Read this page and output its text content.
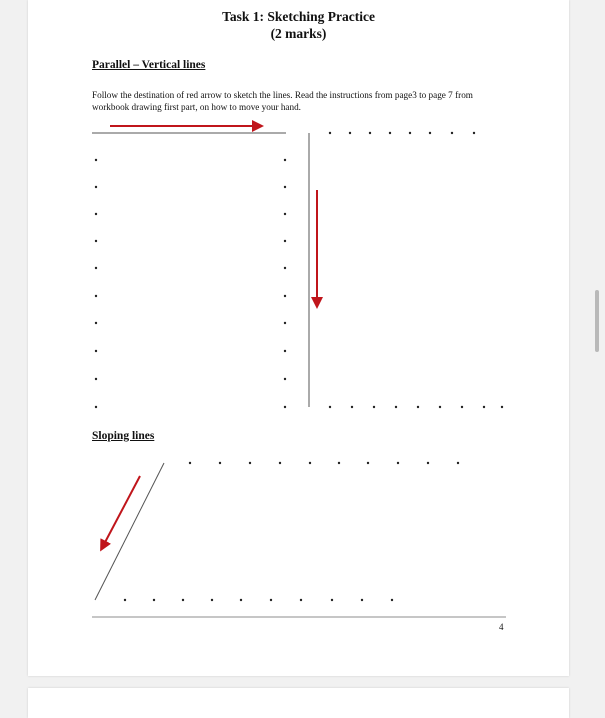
Task 1: Sketching Practice
(2 marks)
Parallel – Vertical lines
Follow the destination of red arrow to sketch the lines. Read the instructions from page3 to page 7 from workbook drawing first part, on how to move your hand.
Sloping lines
4
